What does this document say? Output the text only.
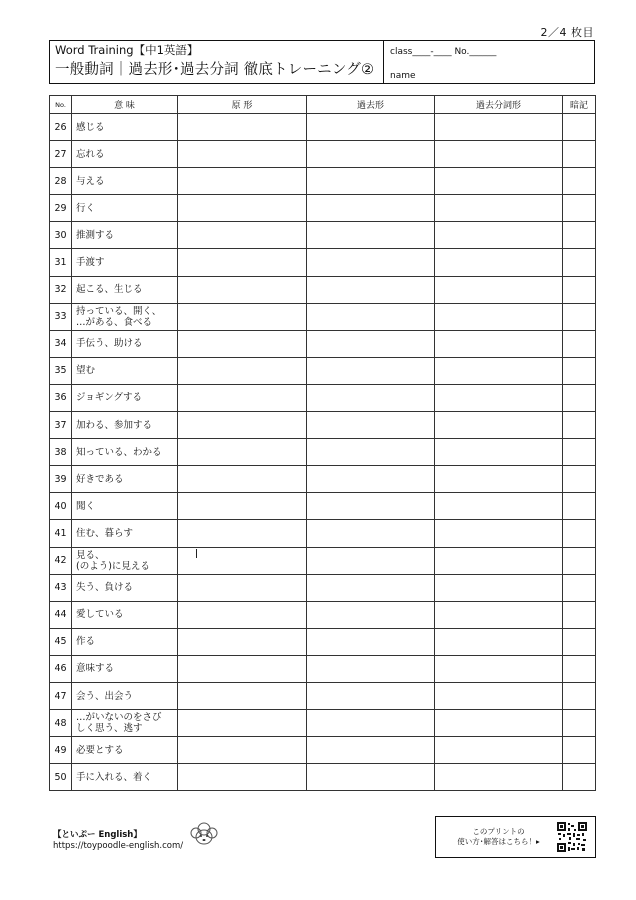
2／4 枚目
Word Training【中1英語】
一般動詞｜過去形･過去分詞 徹底トレーニング②
class____-____ No.______
name
No.	意 味	原 形	過去形	過去分詞形	暗記
26	感じる				

27	忘れる				

28	与える				

29	行く				

30	推測する				

31	手渡す				

32	起こる、生じる				

33	持っている、開く、
…がある、食べる				

34	手伝う、助ける				

35	望む				

36	ジョギングする				

37	加わる、参加する				

38	知っている、わかる				

39	好きである				

40	聞く				

41	住む、暮らす				

42	見る、
(のよう)に見える				

43	失う、負ける				

44	愛している				

45	作る				

46	意味する				

47	会う、出会う				

48	…がいないのをさび
しく思う、逃す				

49	必要とする				

50	手に入れる、着く				

【といぷー English】
https://toypoodle-english.com/
このプリントの
使い方･解答はこちら！▸
